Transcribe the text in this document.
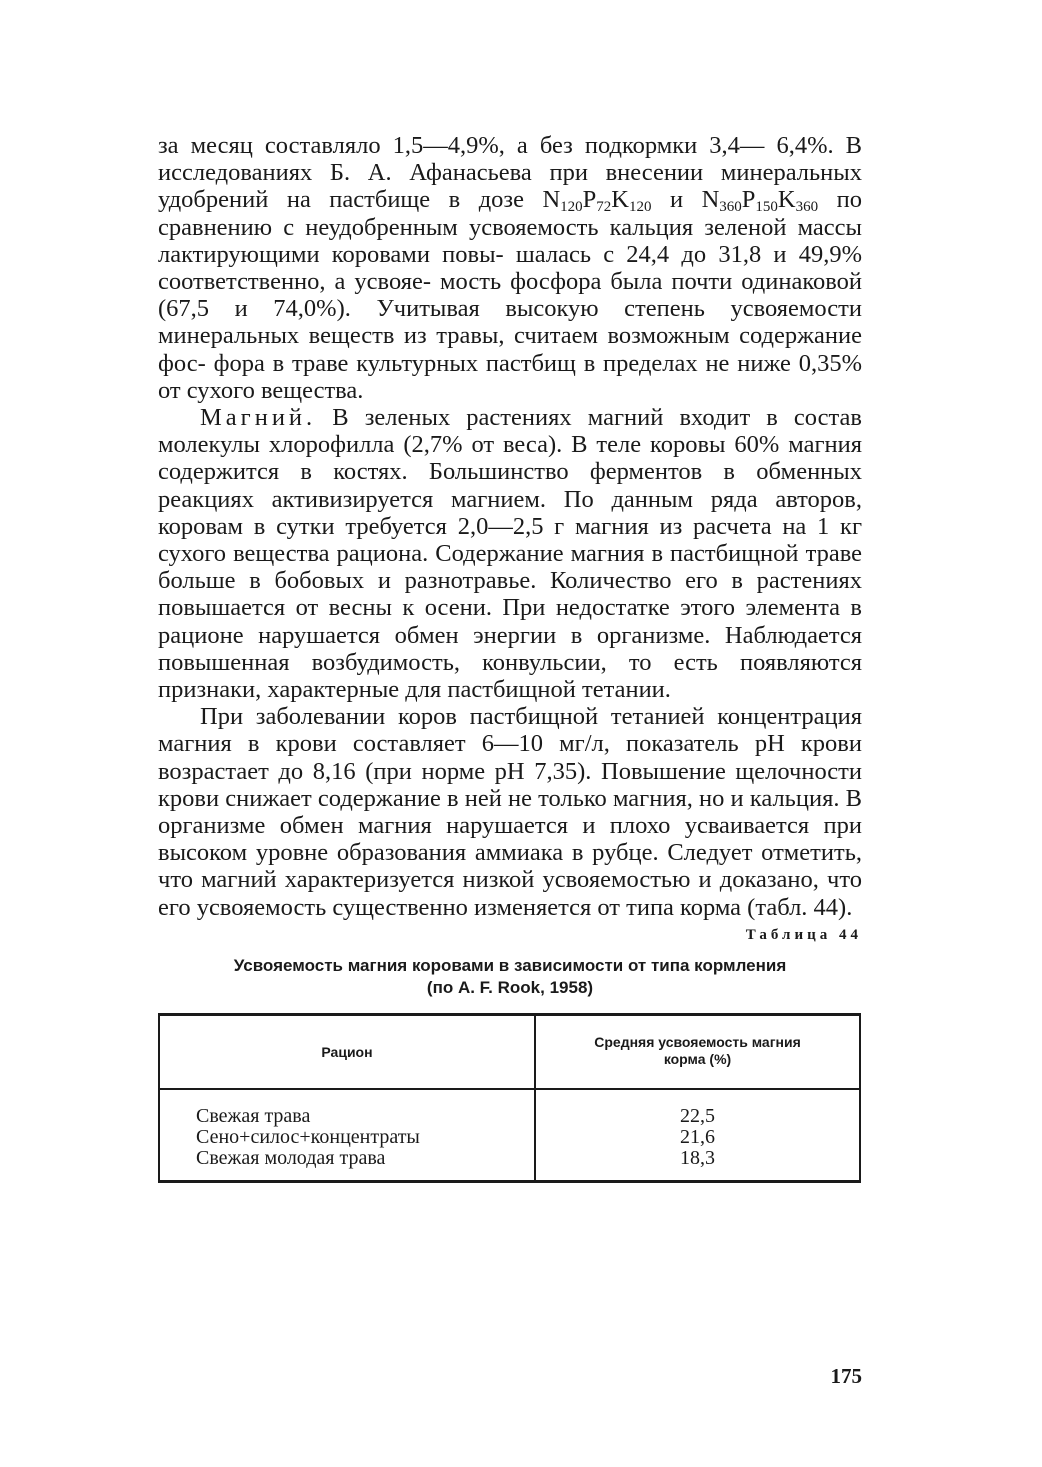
за месяц составляло 1,5—4,9%, а без подкормки 3,4— 6,4%. В исследованиях Б. А. Афанасьева при внесении минеральных удобрений на пастбище в дозе $N_{120}P_{72}K_{120}$ и $N_{360}P_{150}K_{360}$ по сравнению с неудобренным усвояемость кальция зеленой массы лактирующими коровами повы- шалась с 24,4 до 31,8 и 49,9% соответственно, а усвояе- мость фосфора была почти одинаковой (67,5 и 74,0%). Учитывая высокую степень усвояемости минеральных веществ из травы, считаем возможным содержание фос- фора в траве культурных пастбищ в пределах не ниже 0,35% от сухого вещества.

Магний. В зеленых растениях магний входит в состав молекулы хлорофилла (2,7% от веса). В теле коровы 60% магния содержится в костях. Большинство ферментов в обменных реакциях активизируется магнием. По данным ряда авторов, коровам в сутки требуется 2,0—2,5 г магния из расчета на 1 кг сухого вещества рациона. Содержание магния в пастбищной траве больше в бобовых и разнотравье. Количество его в растениях повышается от весны к осени. При недостатке этого элемента в рационе нарушается обмен энергии в организме. Наблюдается повышенная возбудимость, конвульсии, то есть появляются признаки, характерные для пастбищной тетании.

При заболевании коров пастбищной тетанией концентрация магния в крови составляет 6—10 мг/л, показатель pH крови возрастает до 8,16 (при норме pH 7,35). Повышение щелочности крови снижает содержание в ней не только магния, но и кальция. В организме обмен магния нарушается и плохо усваивается при высоком уровне образования аммиака в рубце. Следует отметить, что магний характеризуется низкой усвояемостью и доказано, что его усвояемость существенно изменяется от типа корма (табл. 44).

Таблица 44
Усвояемость магния коровами в зависимости от типа кормления
(по A. F. Rook, 1958)
Рацион
Средняя усвояемость магния
корма (%)
Свежая трава
Сено+силос+концентраты
Свежая молодая трава
22,5
21,6
18,3
175
